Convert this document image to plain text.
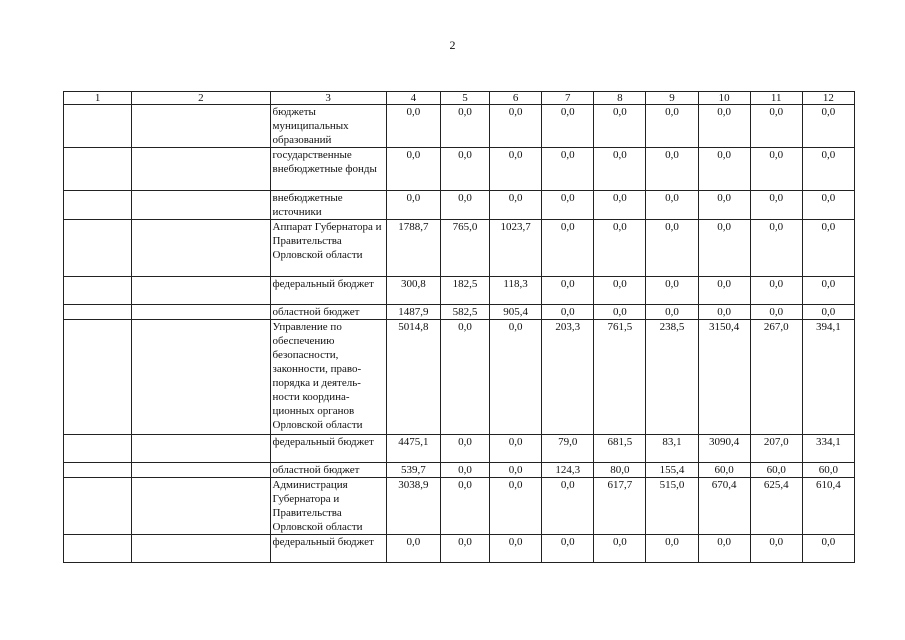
2
1	2	3	4	5	6	7	8	9	10	11	12
		бюджеты муниципальных образований	0,0	0,0	0,0	0,0	0,0	0,0	0,0	0,0	0,0
		государственные внебюджетные фонды	0,0	0,0	0,0	0,0	0,0	0,0	0,0	0,0	0,0
		внебюджетные источники	0,0	0,0	0,0	0,0	0,0	0,0	0,0	0,0	0,0
		Аппарат Губернатора и Правительства Орловской области	1788,7	765,0	1023,7	0,0	0,0	0,0	0,0	0,0	0,0
		федеральный бюджет	300,8	182,5	118,3	0,0	0,0	0,0	0,0	0,0	0,0
		областной бюджет	1487,9	582,5	905,4	0,0	0,0	0,0	0,0	0,0	0,0
		Управление по обеспечению безопасности, законности, право-порядка и деятель-ности координа-ционных органов Орловской области	5014,8	0,0	0,0	203,3	761,5	238,5	3150,4	267,0	394,1
		федеральный бюджет	4475,1	0,0	0,0	79,0	681,5	83,1	3090,4	207,0	334,1
		областной бюджет	539,7	0,0	0,0	124,3	80,0	155,4	60,0	60,0	60,0
		Администрация Губернатора и Правительства Орловской области	3038,9	0,0	0,0	0,0	617,7	515,0	670,4	625,4	610,4
		федеральный бюджет	0,0	0,0	0,0	0,0	0,0	0,0	0,0	0,0	0,0
